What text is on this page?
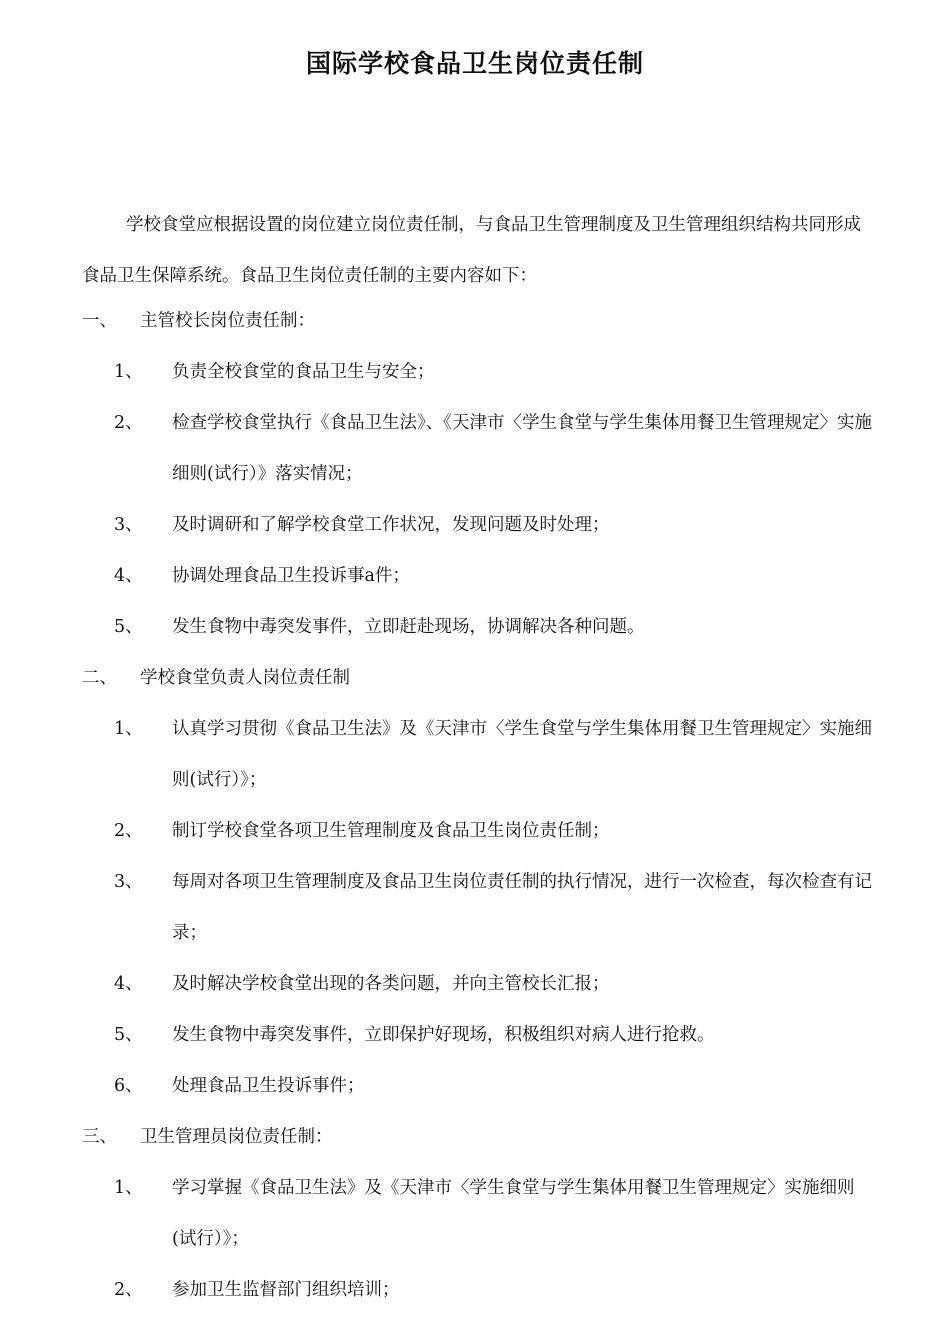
国际学校食品卫生岗位责任制

学校食堂应根据设置的岗位建立岗位责任制，与食品卫生管理制度及卫生管理组织结构共同形成食品卫生保障系统。食品卫生岗位责任制的主要内容如下：

一、 主管校长岗位责任制：
1、 负责全校食堂的食品卫生与安全；
2、 检查学校食堂执行《食品卫生法》、《天津市〈学生食堂与学生集体用餐卫生管理规定〉实施细则(试行）》落实情况；
3、 及时调研和了解学校食堂工作状况，发现问题及时处理；
4、 协调处理食品卫生投诉事a件；
5、 发生食物中毒突发事件，立即赶赴现场，协调解决各种问题。
二、 学校食堂负责人岗位责任制
1、 认真学习贯彻《食品卫生法》及《天津市〈学生食堂与学生集体用餐卫生管理规定〉实施细则(试行）》；
2、 制订学校食堂各项卫生管理制度及食品卫生岗位责任制；
3、 每周对各项卫生管理制度及食品卫生岗位责任制的执行情况，进行一次检查，每次检查有记录；
4、 及时解决学校食堂出现的各类问题，并向主管校长汇报；
5、 发生食物中毒突发事件，立即保护好现场，积极组织对病人进行抢救。
6、 处理食品卫生投诉事件；
三、 卫生管理员岗位责任制：
1、 学习掌握《食品卫生法》及《天津市〈学生食堂与学生集体用餐卫生管理规定〉实施细则(试行）》；
2、 参加卫生监督部门组织培训；
